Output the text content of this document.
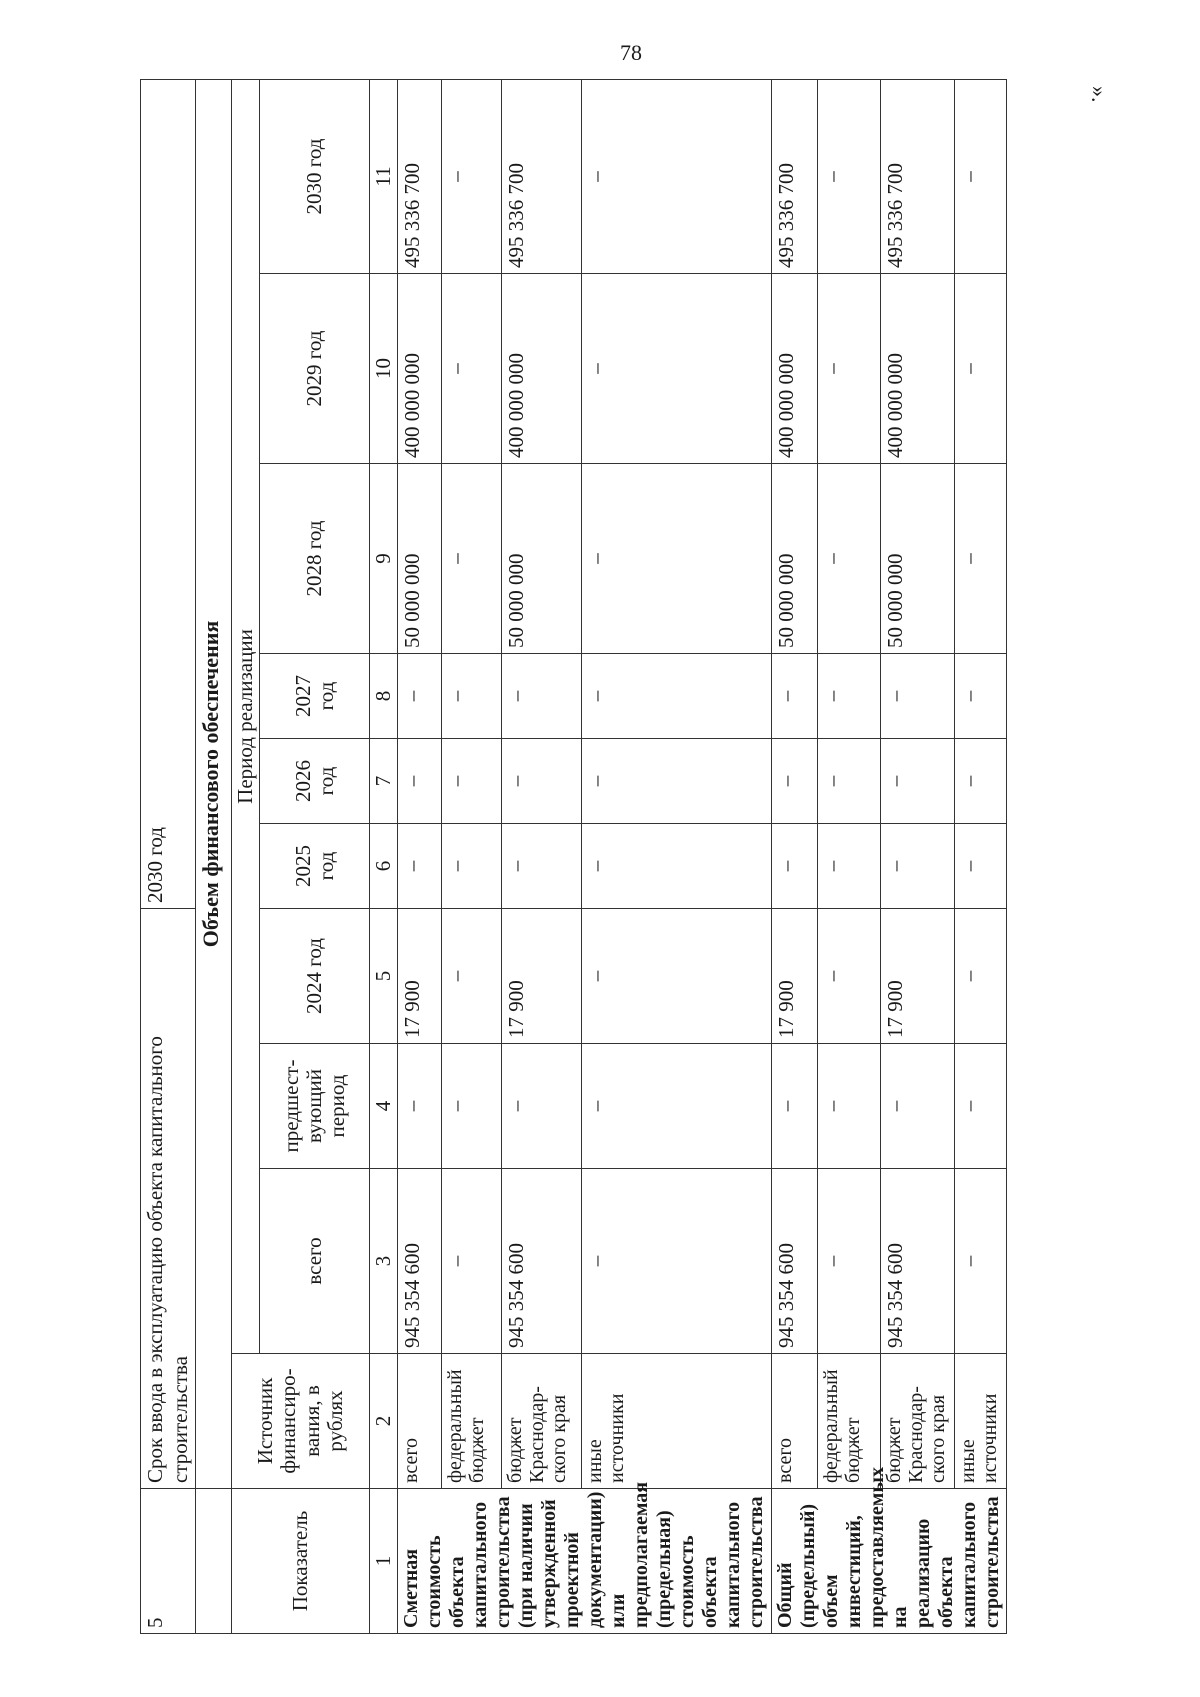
78
».
5	Срок ввода в эксплуатацию объекта капитального строительства				2030 год					
	Объем финансового обеспечения									
Показатель	Источник финансиро-вания, в рублях	Период реализации								
		всего	предшест-вующий период	2024 год	2025 год	2026 год	2027 год	2028 год	2029 год	2030 год
1	2	3	4	5	6	7	8	9	10	11
Сметная стоимость объекта капитального строительства (при наличии утвержденной проектной документации) или предполагаемая (предельная) стоимость объекта капитального строительства	всего	945 354 600	–	17 900	–	–	–	50 000 000	400 000 000	495 336 700
	федеральный бюджет	–	–	–	–	–	–	–	–	–
	бюджет Краснодар-ского края	945 354 600	–	17 900	–	–	–	50 000 000	400 000 000	495 336 700
	иные источники	–	–	–	–	–	–	–	–	–
Общий (предельный) объем инвестиций, предоставляемых на реализацию объекта капитального строительства	всего	945 354 600	–	17 900	–	–	–	50 000 000	400 000 000	495 336 700
	федеральный бюджет	–	–	–	–	–	–	–	–	–
	бюджет Краснодар-ского края	945 354 600	–	17 900	–	–	–	50 000 000	400 000 000	495 336 700
	иные источники	–	–	–	–	–	–	–	–	–
